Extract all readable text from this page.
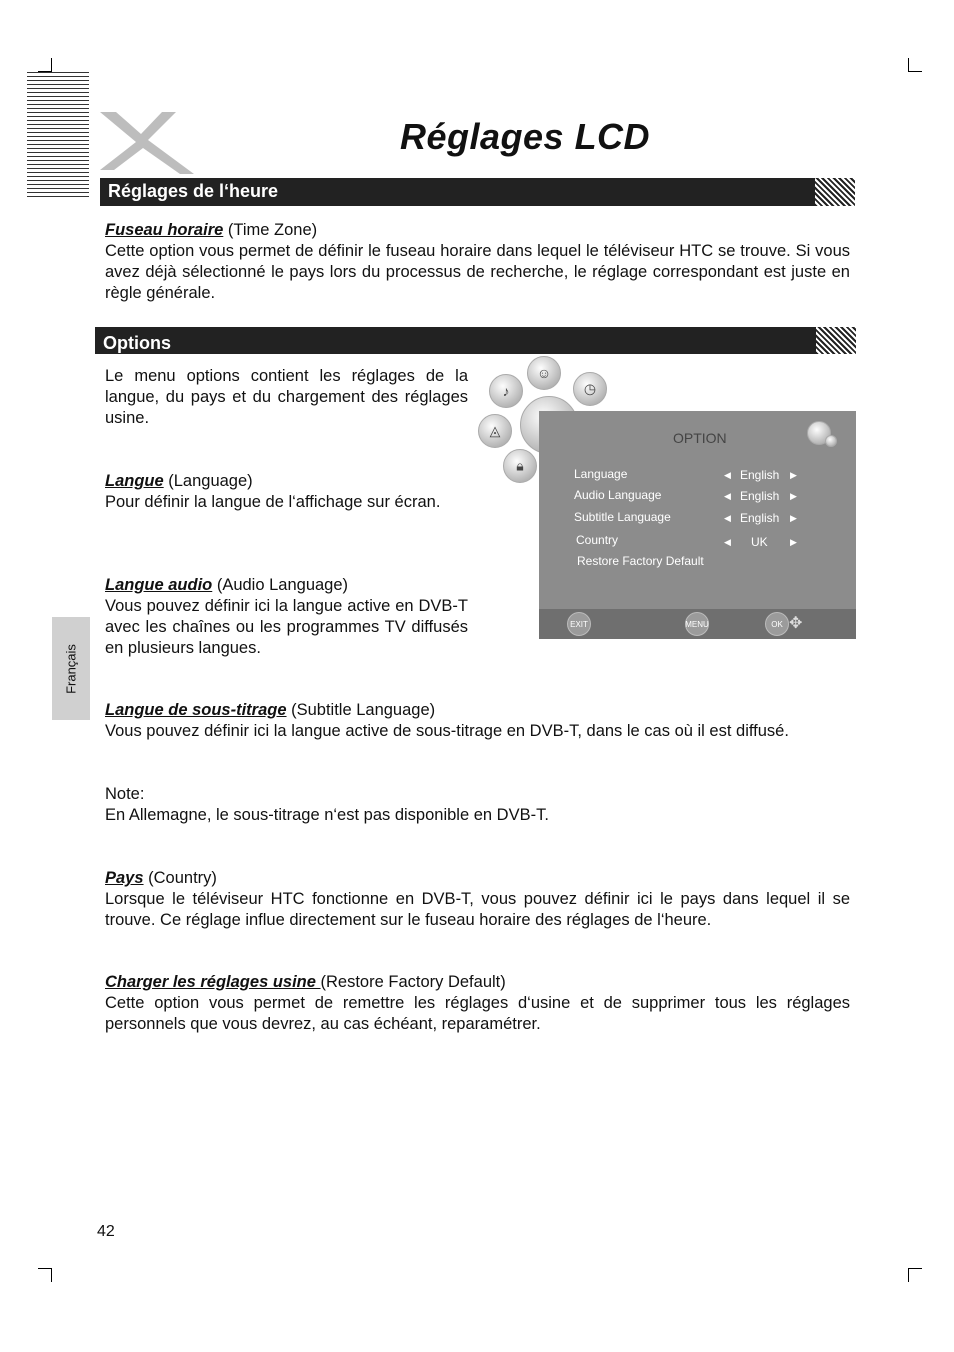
Réglages LCD
Réglages de l‘heure
Fuseau horaire (Time Zone)
Cette option vous permet de définir le fuseau horaire dans lequel le téléviseur HTC se trouve. Si vous avez déjà sélectionné le pays lors du processus de recherche, le réglage correspondant est juste en règle générale.
Options
Le menu options contient les réglages de la langue, du pays et du chargement des réglages usine.
Langue (Language)
Pour définir la langue de l‘affichage sur écran.
Langue audio (Audio Language)
Vous pouvez définir ici la langue active en DVB-T avec les chaînes ou les programmes TV diffusés en plusieurs langues.
☺
♪	◷
◬
🔒︎
OPTION
Language	◀ English ▶
Audio Language	◀ English ▶
Subtitle Language	◀ English ▶
Country	◀ UK ▶
Restore Factory Default
EXIT	MENU	OK ✥
Français
Langue de sous-titrage (Subtitle Language)
Vous pouvez définir ici la langue active de sous-titrage en DVB-T, dans le cas où il est diffusé.
Note:
En Allemagne, le sous-titrage n‘est pas disponible en DVB-T.
Pays (Country)
Lorsque le téléviseur HTC fonctionne en DVB-T, vous pouvez définir ici le pays dans lequel il se trouve. Ce réglage influe directement sur le fuseau horaire des réglages de l‘heure.
Charger les réglages usine (Restore Factory Default)
Cette option vous permet de remettre les réglages d‘usine et de supprimer tous les réglages personnels que vous devrez, au cas échéant, reparamétrer.
42
